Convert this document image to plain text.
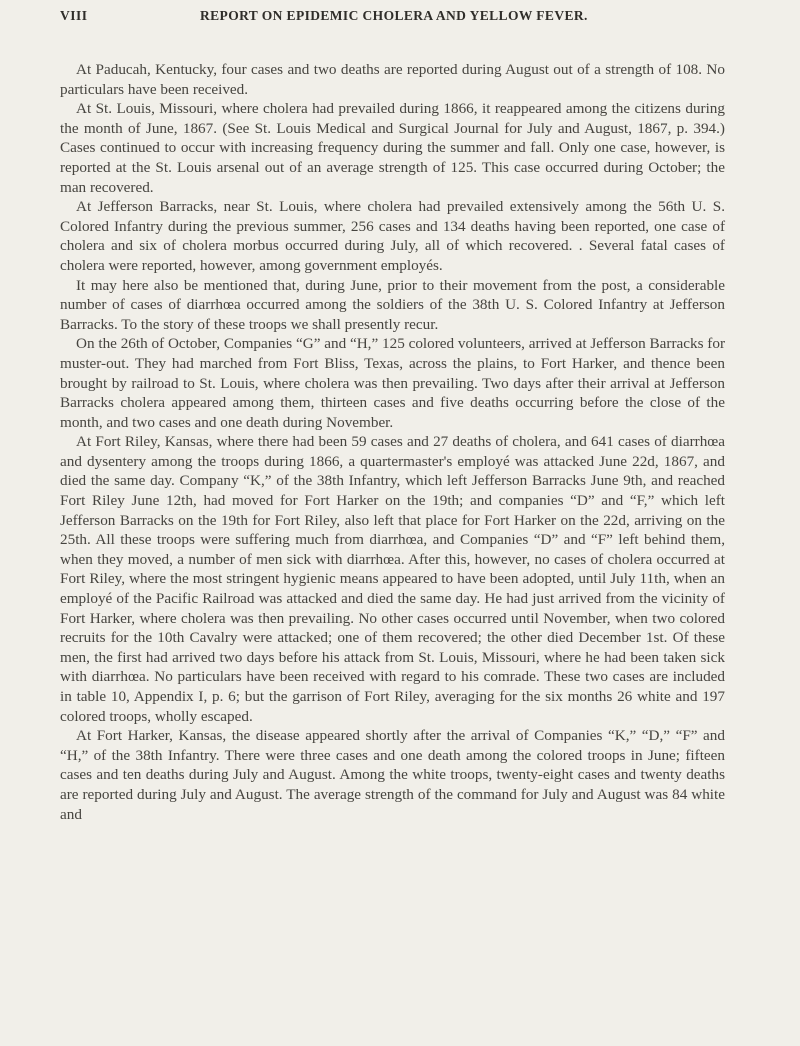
VIII	REPORT ON EPIDEMIC CHOLERA AND YELLOW FEVER.

At Paducah, Kentucky, four cases and two deaths are reported during August out of a strength of 108. No particulars have been received.

At St. Louis, Missouri, where cholera had prevailed during 1866, it reappeared among the citizens during the month of June, 1867. (See St. Louis Medical and Surgical Journal for July and August, 1867, p. 394.) Cases continued to occur with increasing frequency during the summer and fall. Only one case, however, is reported at the St. Louis arsenal out of an average strength of 125. This case occurred during October; the man recovered.

At Jefferson Barracks, near St. Louis, where cholera had prevailed extensively among the 56th U. S. Colored Infantry during the previous summer, 256 cases and 134 deaths having been reported, one case of cholera and six of cholera morbus occurred during July, all of which recovered. . Several fatal cases of cholera were reported, however, among government employés.

It may here also be mentioned that, during June, prior to their movement from the post, a considerable number of cases of diarrhœa occurred among the soldiers of the 38th U. S. Colored Infantry at Jefferson Barracks. To the story of these troops we shall presently recur.

On the 26th of October, Companies “G” and “H,” 125 colored volunteers, arrived at Jefferson Barracks for muster-out. They had marched from Fort Bliss, Texas, across the plains, to Fort Harker, and thence been brought by railroad to St. Louis, where cholera was then prevailing. Two days after their arrival at Jefferson Barracks cholera appeared among them, thirteen cases and five deaths occurring before the close of the month, and two cases and one death during November.

At Fort Riley, Kansas, where there had been 59 cases and 27 deaths of cholera, and 641 cases of diarrhœa and dysentery among the troops during 1866, a quartermaster's employé was attacked June 22d, 1867, and died the same day. Company “K,” of the 38th Infantry, which left Jefferson Barracks June 9th, and reached Fort Riley June 12th, had moved for Fort Harker on the 19th; and companies “D” and “F,” which left Jefferson Barracks on the 19th for Fort Riley, also left that place for Fort Harker on the 22d, arriving on the 25th. All these troops were suffering much from diarrhœa, and Companies “D” and “F” left behind them, when they moved, a number of men sick with diarrhœa. After this, however, no cases of cholera occurred at Fort Riley, where the most stringent hygienic means appeared to have been adopted, until July 11th, when an employé of the Pacific Railroad was attacked and died the same day. He had just arrived from the vicinity of Fort Harker, where cholera was then prevailing. No other cases occurred until November, when two colored recruits for the 10th Cavalry were attacked; one of them recovered; the other died December 1st. Of these men, the first had arrived two days before his attack from St. Louis, Missouri, where he had been taken sick with diarrhœa. No particulars have been received with regard to his comrade. These two cases are included in table 10, Appendix I, p. 6; but the garrison of Fort Riley, averaging for the six months 26 white and 197 colored troops, wholly escaped.

At Fort Harker, Kansas, the disease appeared shortly after the arrival of Companies “K,” “D,” “F” and “H,” of the 38th Infantry. There were three cases and one death among the colored troops in June; fifteen cases and ten deaths during July and August. Among the white troops, twenty-eight cases and twenty deaths are reported during July and August. The average strength of the command for July and August was 84 white and
